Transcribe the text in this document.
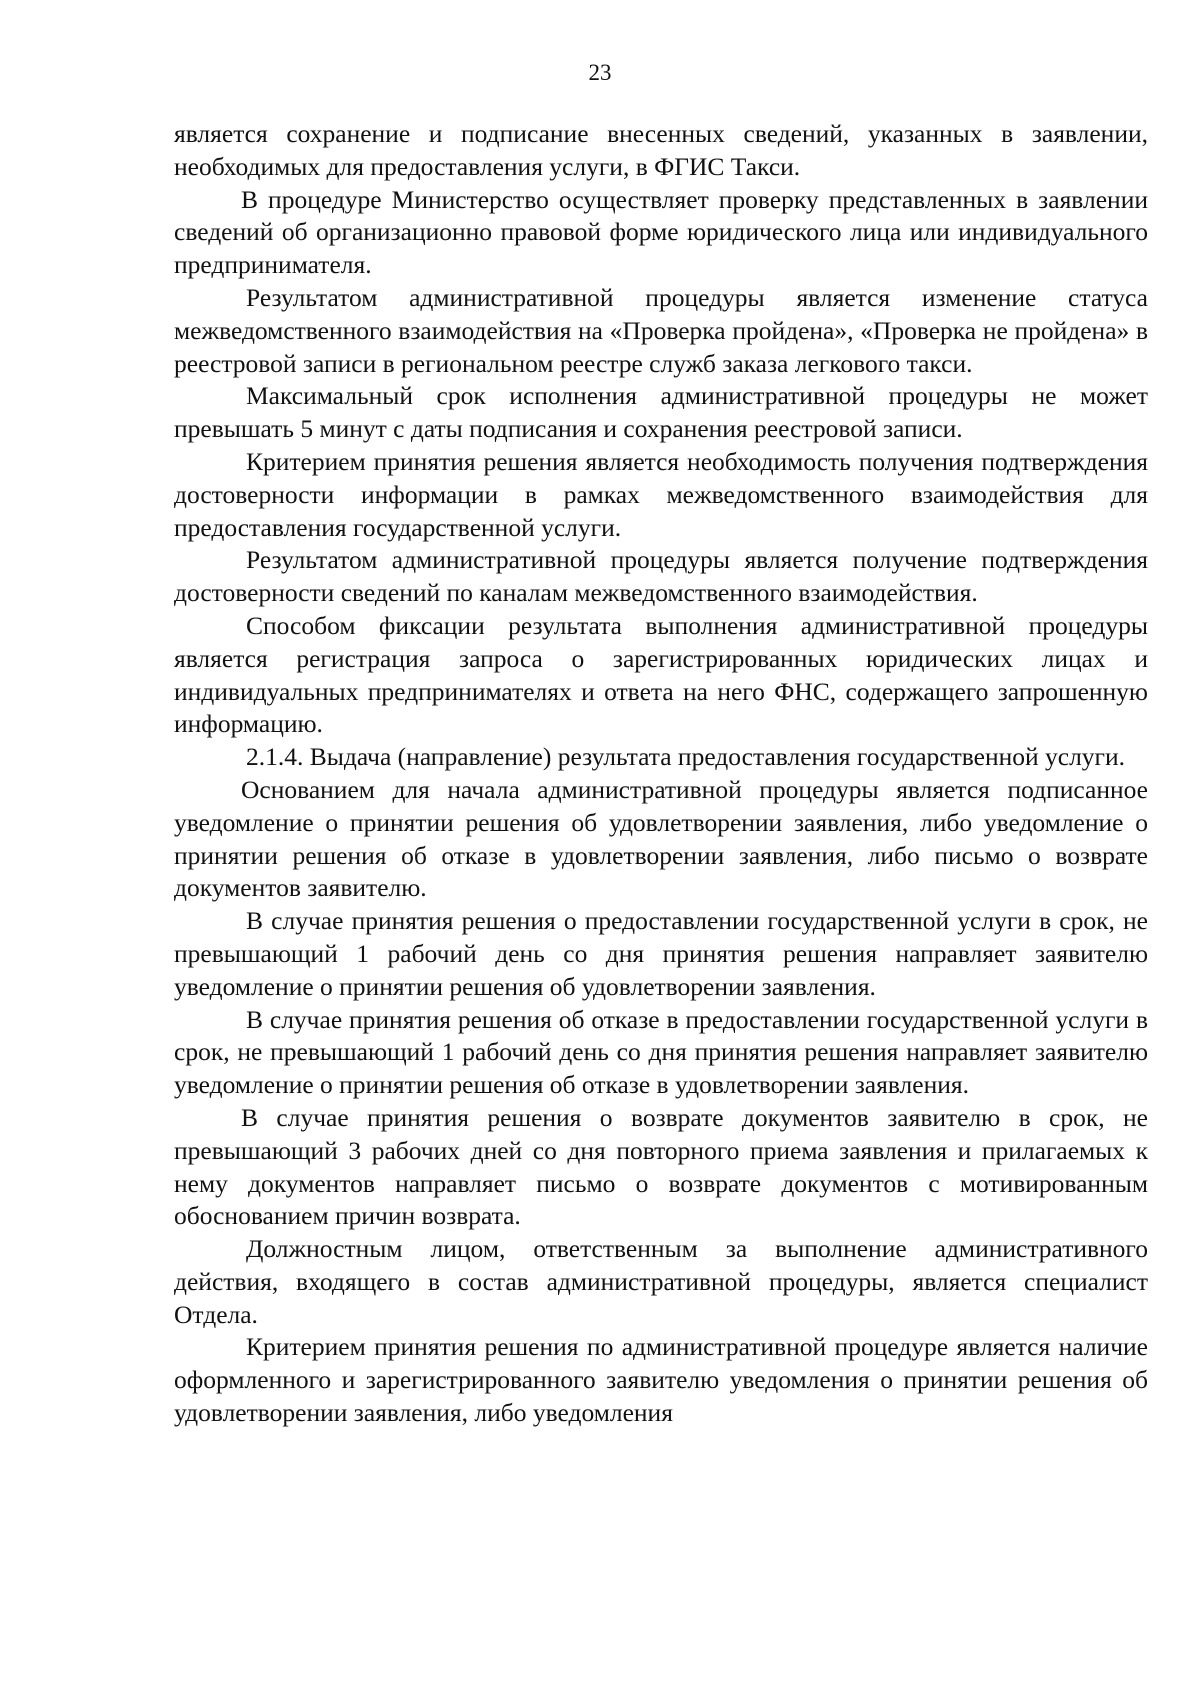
23

является сохранение и подписание внесенных сведений, указанных в заявлении, необходимых для предоставления услуги, в ФГИС Такси.

В процедуре Министерство осуществляет проверку представленных в заявлении сведений об организационно правовой форме юридического лица или индивидуального предпринимателя.

Результатом административной процедуры является изменение статуса межведомственного взаимодействия на «Проверка пройдена», «Проверка не пройдена» в реестровой записи в региональном реестре служб заказа легкового такси.

Максимальный срок исполнения административной процедуры не может превышать 5 минут с даты подписания и сохранения реестровой записи.

Критерием принятия решения является необходимость получения подтверждения достоверности информации в рамках межведомственного взаимодействия для предоставления государственной услуги.

Результатом административной процедуры является получение подтверждения достоверности сведений по каналам межведомственного взаимодействия.

Способом фиксации результата выполнения административной процедуры является регистрация запроса о зарегистрированных юридических лицах и индивидуальных предпринимателях и ответа на него ФНС, содержащего запрошенную информацию.

2.1.4. Выдача (направление) результата предоставления государственной услуги.

Основанием для начала административной процедуры является подписанное уведомление о принятии решения об удовлетворении заявления, либо уведомление о принятии решения об отказе в удовлетворении заявления, либо письмо о возврате документов заявителю.

В случае принятия решения о предоставлении государственной услуги в срок, не превышающий 1 рабочий день со дня принятия решения направляет заявителю уведомление о принятии решения об удовлетворении заявления.

В случае принятия решения об отказе в предоставлении государственной услуги в срок, не превышающий 1 рабочий день со дня принятия решения направляет заявителю уведомление о принятии решения об отказе в удовлетворении заявления.

В случае принятия решения о возврате документов заявителю в срок, не превышающий 3 рабочих дней со дня повторного приема заявления и прилагаемых к нему документов направляет письмо о возврате документов с мотивированным обоснованием причин возврата.

Должностным лицом, ответственным за выполнение административного действия, входящего в состав административной процедуры, является специалист Отдела.

Критерием принятия решения по административной процедуре является наличие оформленного и зарегистрированного заявителю уведомления о принятии решения об удовлетворении заявления, либо уведомления
